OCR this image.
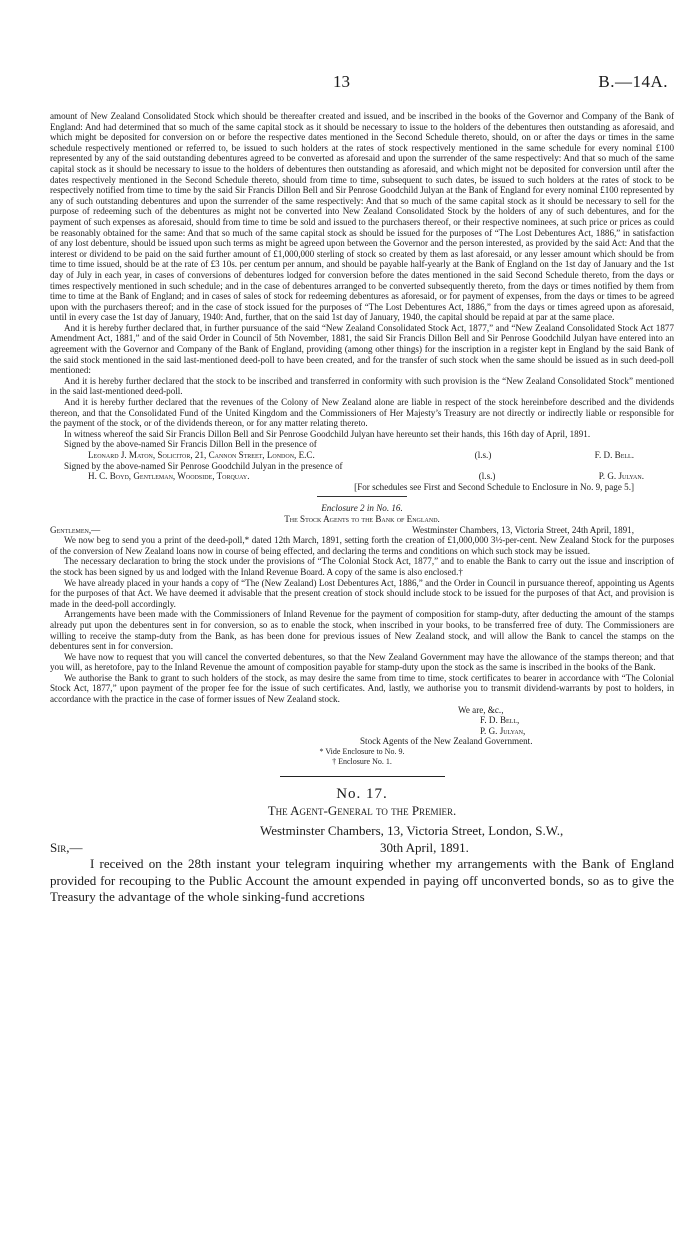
13	B.—14A.

amount of New Zealand Consolidated Stock which should be thereafter created and issued, and be inscribed in the books of the Governor and Company of the Bank of England: And had determined that so much of the same capital stock as it should be necessary to issue to the holders of the debentures then outstanding as aforesaid, and which might be deposited for conversion on or before the respective dates mentioned in the Second Schedule thereto, should, on or after the days or times in the same schedule respectively mentioned or referred to, be issued to such holders at the rates of stock respectively mentioned in the same schedule for every nominal £100 represented by any of the said outstanding debentures agreed to be converted as aforesaid and upon the surrender of the same respectively: And that so much of the same capital stock as it should be necessary to issue to the holders of debentures then outstanding as aforesaid, and which might not be deposited for conversion until after the dates respectively mentioned in the Second Schedule thereto, should from time to time, subsequent to such dates, be issued to such holders at the rates of stock to be respectively notified from time to time by the said Sir Francis Dillon Bell and Sir Penrose Goodchild Julyan at the Bank of England for every nominal £100 represented by any of such outstanding debentures and upon the surrender of the same respectively: And that so much of the same capital stock as it should be necessary to sell for the purpose of redeeming such of the debentures as might not be converted into New Zealand Consolidated Stock by the holders of any of such debentures, and for the payment of such expenses as aforesaid, should from time to time be sold and issued to the purchasers thereof, or their respective nominees, at such price or prices as could be reasonably obtained for the same: And that so much of the same capital stock as should be issued for the purposes of “The Lost Debentures Act, 1886,” in satisfaction of any lost debenture, should be issued upon such terms as might be agreed upon between the Governor and the person interested, as provided by the said Act: And that the interest or dividend to be paid on the said further amount of £1,000,000 sterling of stock so created by them as last aforesaid, or any lesser amount which should be from time to time issued, should be at the rate of £3 10s. per centum per annum, and should be payable half-yearly at the Bank of England on the 1st day of January and the 1st day of July in each year, in cases of conversions of debentures lodged for conversion before the dates mentioned in the said Second Schedule thereto, from the days or times respectively mentioned in such schedule; and in the case of debentures arranged to be converted subsequently thereto, from the days or times notified by them from time to time at the Bank of England; and in cases of sales of stock for redeeming debentures as aforesaid, or for payment of expenses, from the days or times to be agreed upon with the purchasers thereof; and in the case of stock issued for the purposes of “The Lost Debentures Act, 1886,” from the days or times agreed upon as aforesaid, until in every case the 1st day of January, 1940: And, further, that on the said 1st day of January, 1940, the capital should be repaid at par at the same place.

And it is hereby further declared that, in further pursuance of the said “New Zealand Consolidated Stock Act, 1877,” and “New Zealand Consolidated Stock Act 1877 Amendment Act, 1881,” and of the said Order in Council of 5th November, 1881, the said Sir Francis Dillon Bell and Sir Penrose Goodchild Julyan have entered into an agreement with the Governor and Company of the Bank of England, providing (among other things) for the inscription in a register kept in England by the said Bank of the said stock mentioned in the said last-mentioned deed-poll to have been created, and for the transfer of such stock when the same should be issued as in such deed-poll mentioned:

And it is hereby further declared that the stock to be inscribed and transferred in conformity with such provision is the “New Zealand Consolidated Stock” mentioned in the said last-mentioned deed-poll.

And it is hereby further declared that the revenues of the Colony of New Zealand alone are liable in respect of the stock hereinbefore described and the dividends thereon, and that the Consolidated Fund of the United Kingdom and the Commissioners of Her Majesty’s Treasury are not directly or indirectly liable or responsible for the payment of the stock, or of the dividends thereon, or for any matter relating thereto.

In witness whereof the said Sir Francis Dillon Bell and Sir Penrose Goodchild Julyan have hereunto set their hands, this 16th day of April, 1891.

Signed by the above-named Sir Francis Dillon Bell in the presence of

Leonard J. Maton, Solicitor, 21, Cannon Street, London, E.C.	(l.s.)	F. D. Bell.

Signed by the above-named Sir Penrose Goodchild Julyan in the presence of

H. C. Boyd, Gentleman, Woodside, Torquay.	(l.s.)	P. G. Julyan.

[For schedules see First and Second Schedule to Enclosure in No. 9, page 5.]

Enclosure 2 in No. 16.

The Stock Agents to the Bank of England.

Gentlemen,—	Westminster Chambers, 13, Victoria Street, 24th April, 1891,

We now beg to send you a print of the deed-poll,* dated 12th March, 1891, setting forth the creation of £1,000,000 3½-per-cent. New Zealand Stock for the purposes of the conversion of New Zealand loans now in course of being effected, and declaring the terms and conditions on which such stock may be issued.

The necessary declaration to bring the stock under the provisions of “The Colonial Stock Act, 1877,” and to enable the Bank to carry out the issue and inscription of the stock has been signed by us and lodged with the Inland Revenue Board. A copy of the same is also enclosed.†

We have already placed in your hands a copy of “The (New Zealand) Lost Debentures Act, 1886,” and the Order in Council in pursuance thereof, appointing us Agents for the purposes of that Act. We have deemed it advisable that the present creation of stock should include stock to be issued for the purposes of that Act, and provision is made in the deed-poll accordingly.

Arrangements have been made with the Commissioners of Inland Revenue for the payment of composition for stamp-duty, after deducting the amount of the stamps already put upon the debentures sent in for conversion, so as to enable the stock, when inscribed in your books, to be transferred free of duty. The Commissioners are willing to receive the stamp-duty from the Bank, as has been done for previous issues of New Zealand stock, and will allow the Bank to cancel the stamps on the debentures sent in for conversion.

We have now to request that you will cancel the converted debentures, so that the New Zealand Government may have the allowance of the stamps thereon; and that you will, as heretofore, pay to the Inland Revenue the amount of composition payable for stamp-duty upon the stock as the same is inscribed in the books of the Bank.

We authorise the Bank to grant to such holders of the stock, as may desire the same from time to time, stock certificates to bearer in accordance with “The Colonial Stock Act, 1877,” upon payment of the proper fee for the issue of such certificates. And, lastly, we authorise you to transmit dividend-warrants by post to holders, in accordance with the practice in the case of former issues of New Zealand stock.

We are, &c.,

F. D. Bell,

P. G. Julyan,

Stock Agents of the New Zealand Government.

* Vide Enclosure to No. 9.

† Enclosure No. 1.

No. 17.

The Agent-General to the Premier.

Westminster Chambers, 13, Victoria Street, London, S.W.,

Sir,—	30th April, 1891.

I received on the 28th instant your telegram inquiring whether my arrangements with the Bank of England provided for recouping to the Public Account the amount expended in paying off unconverted bonds, so as to give the Treasury the advantage of the whole sinking-fund accretions
